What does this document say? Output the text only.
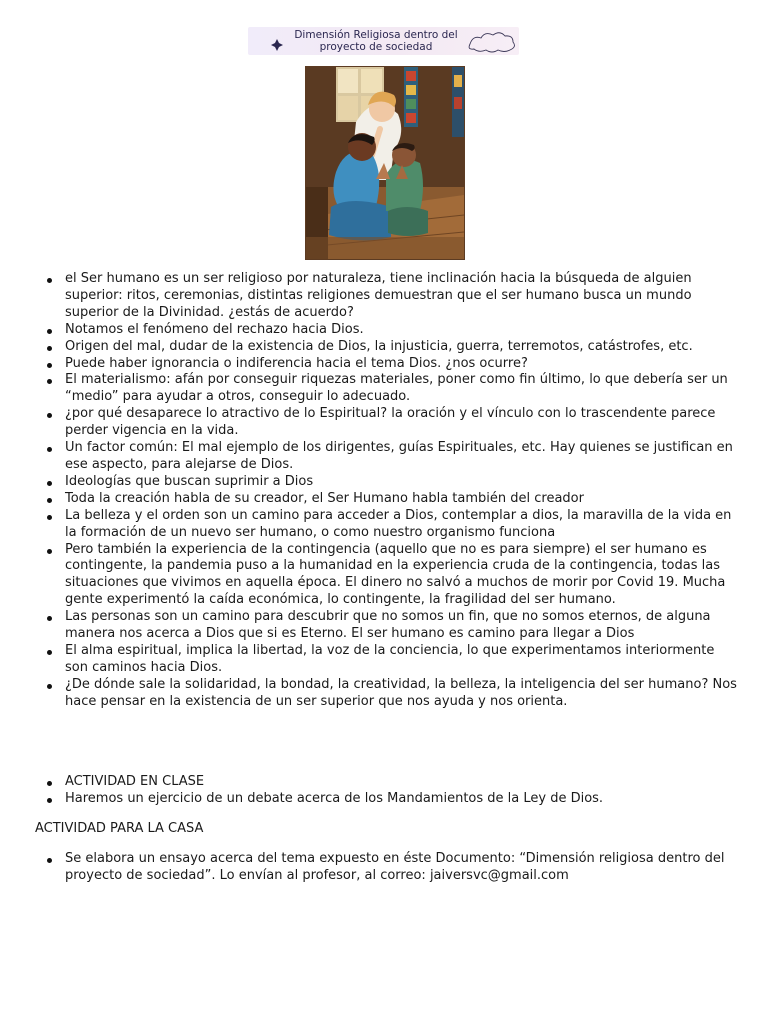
Dimensión Religiosa dentro del
proyecto de sociedad
el Ser humano es un ser religioso por naturaleza, tiene inclinación hacia la búsqueda de alguien superior: ritos, ceremonias, distintas religiones demuestran que el ser humano busca un mundo superior de la Divinidad. ¿estás de acuerdo?
Notamos el fenómeno del rechazo hacia Dios.
Origen del mal, dudar de la existencia de Dios, la injusticia, guerra, terremotos, catástrofes, etc.
Puede haber ignorancia o indiferencia hacia el tema Dios. ¿nos ocurre?
El materialismo: afán por conseguir riquezas materiales, poner como fin último, lo que debería ser un “medio” para ayudar a otros, conseguir lo adecuado.
¿por qué desaparece lo atractivo de lo Espiritual? la oración y el vínculo con lo trascendente parece perder vigencia en la vida.
Un factor común: El mal ejemplo de los dirigentes, guías Espirituales, etc. Hay quienes se justifican en ese aspecto, para alejarse de Dios.
Ideologías que buscan suprimir a Dios
Toda la creación habla de su creador, el Ser Humano habla también del creador
La belleza y el orden son un camino para acceder a Dios, contemplar a dios, la maravilla de la vida en la formación de un nuevo ser humano, o como nuestro organismo funciona
Pero también la experiencia de la contingencia (aquello que no es para siempre) el ser humano es contingente, la pandemia puso a la humanidad en la experiencia cruda de la contingencia, todas las situaciones que vivimos en aquella época. El dinero no salvó a muchos de morir por Covid 19. Mucha gente experimentó la caída económica, lo contingente, la fragilidad del ser humano.
Las personas son un camino para descubrir que no somos un fin, que no somos eternos, de alguna manera nos acerca a Dios que si es Eterno. El ser humano es camino para llegar a Dios
El alma espiritual, implica la libertad, la voz de la conciencia, lo que experimentamos interiormente son caminos hacia Dios.
¿De dónde sale la solidaridad, la bondad, la creatividad, la belleza, la inteligencia del ser humano? Nos hace pensar en la existencia de un ser superior que nos ayuda y nos orienta.
ACTIVIDAD EN CLASE
Haremos un ejercicio de un debate acerca de los Mandamientos de la Ley de Dios.
ACTIVIDAD PARA LA CASA
Se elabora un ensayo acerca del tema expuesto en éste Documento: “Dimensión religiosa dentro del proyecto de sociedad”. Lo envían al profesor, al correo: jaiversvc@gmail.com
